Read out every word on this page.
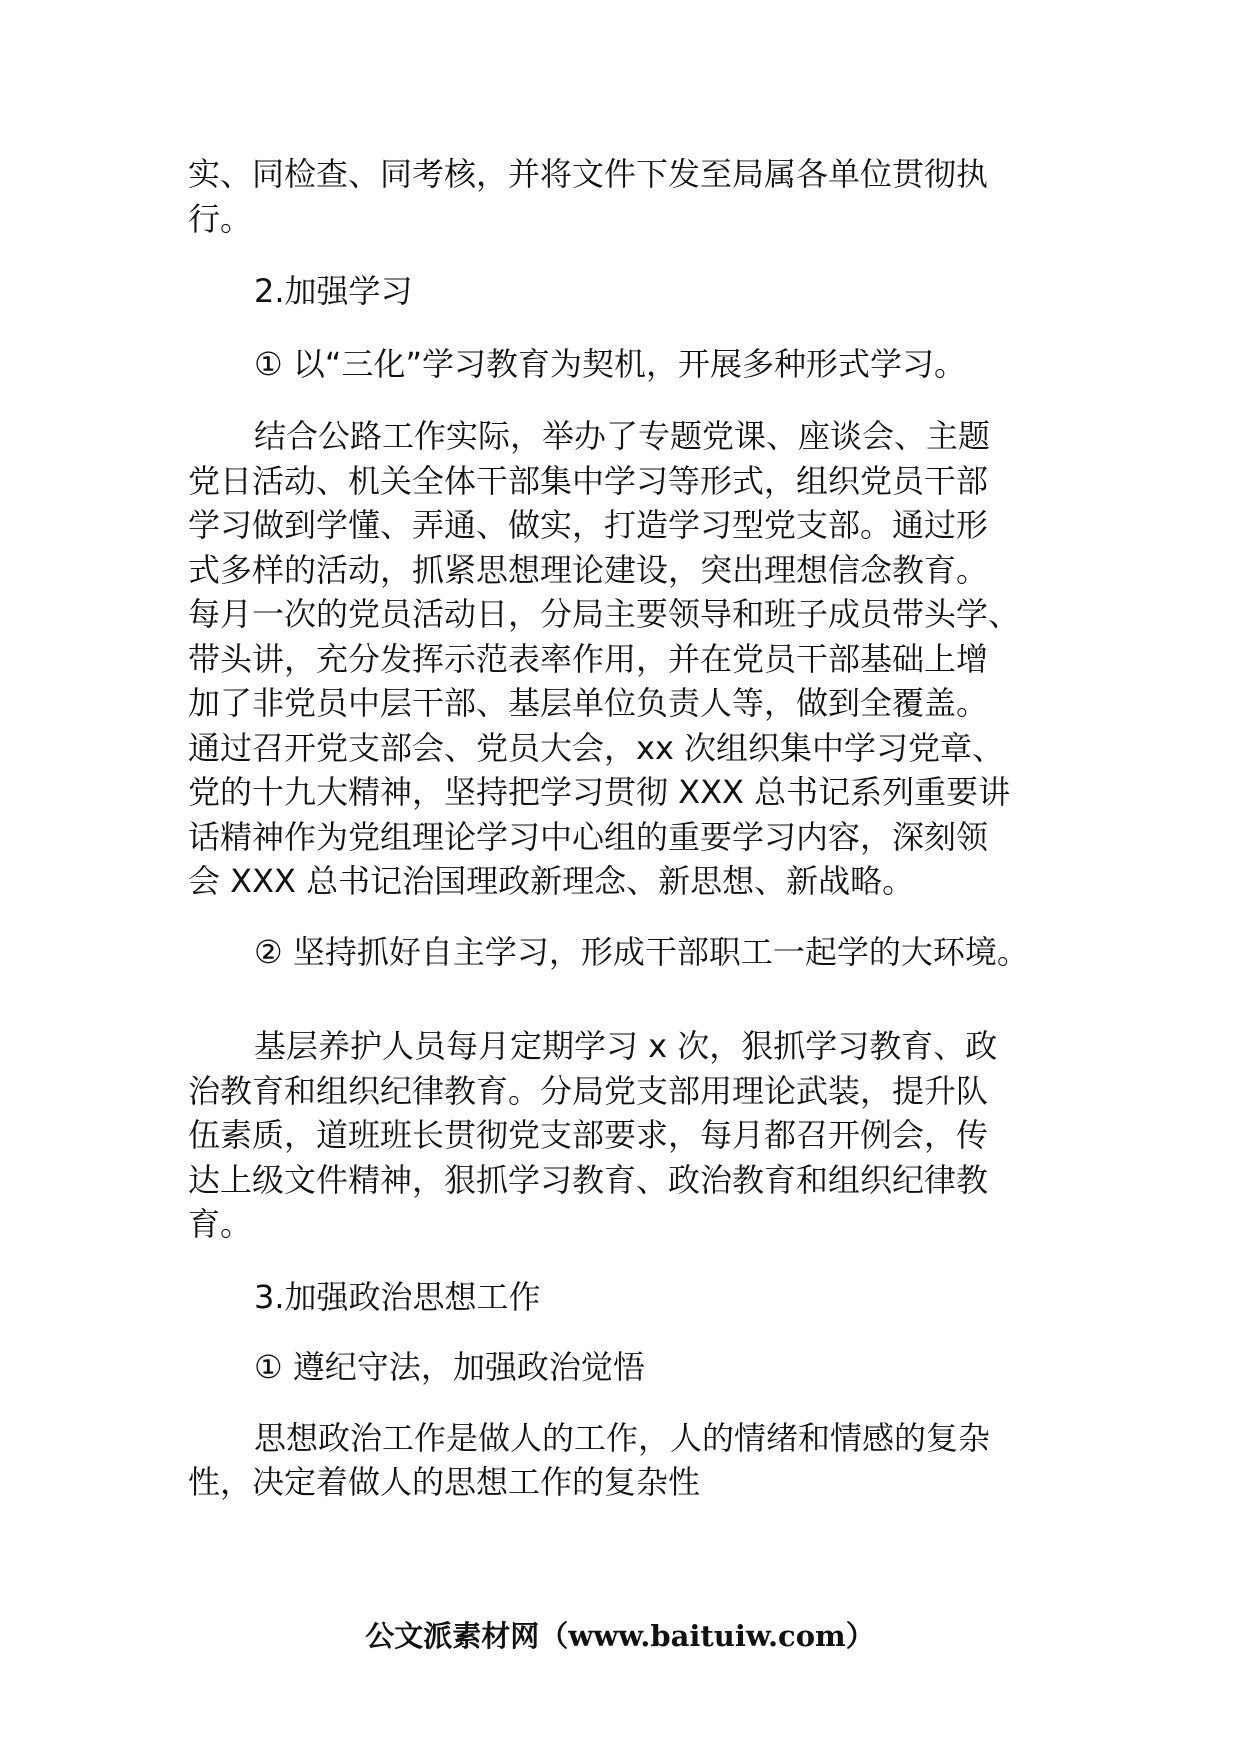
实、同检查、同考核，并将文件下发至局属各单位贯彻执
行。

2.加强学习

① 以“三化”学习教育为契机，开展多种形式学习。

结合公路工作实际，举办了专题党课、座谈会、主题
党日活动、机关全体干部集中学习等形式，组织党员干部
学习做到学懂、弄通、做实，打造学习型党支部。通过形
式多样的活动，抓紧思想理论建设，突出理想信念教育。
每月一次的党员活动日，分局主要领导和班子成员带头学、
带头讲，充分发挥示范表率作用，并在党员干部基础上增
加了非党员中层干部、基层单位负责人等，做到全覆盖。
通过召开党支部会、党员大会，xx 次组织集中学习党章、
党的十九大精神，坚持把学习贯彻 XXX 总书记系列重要讲
话精神作为党组理论学习中心组的重要学习内容，深刻领
会 XXX 总书记治国理政新理念、新思想、新战略。

② 坚持抓好自主学习，形成干部职工一起学的大环境。

基层养护人员每月定期学习 x 次，狠抓学习教育、政
治教育和组织纪律教育。分局党支部用理论武装，提升队
伍素质，道班班长贯彻党支部要求，每月都召开例会，传
达上级文件精神，狠抓学习教育、政治教育和组织纪律教
育。

3.加强政治思想工作

① 遵纪守法，加强政治觉悟

思想政治工作是做人的工作，人的情绪和情感的复杂
性，决定着做人的思想工作的复杂性

公文派素材网（www.baituiw.com）
